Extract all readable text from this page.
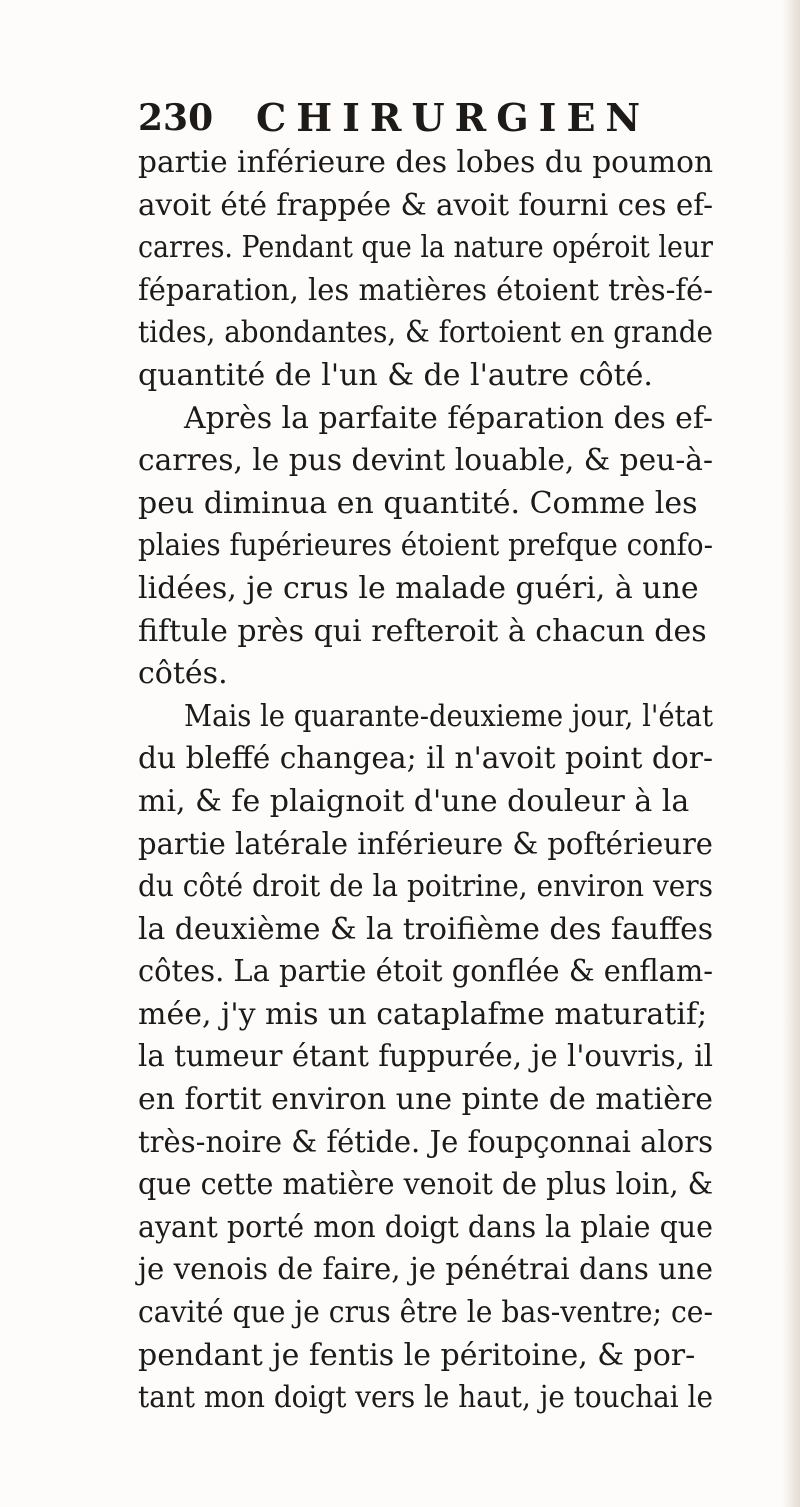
230 CHIRURGIEN
partie inférieure des lobes du poumon
avoit été frappée & avoit fourni ces ef-
carres. Pendant que la nature opéroit leur
féparation, les matières étoient très-fé-
tides, abondantes, & fortoient en grande
quantité de l'un & de l'autre côté.
Après la parfaite féparation des ef-
carres, le pus devint louable, & peu-à-
peu diminua en quantité. Comme les
plaies fupérieures étoient prefque confo-
lidées, je crus le malade guéri, à une
fiftule près qui refteroit à chacun des
côtés.
Mais le quarante-deuxieme jour, l'état
du bleffé changea; il n'avoit point dor-
mi, & fe plaignoit d'une douleur à la
partie latérale inférieure & poftérieure
du côté droit de la poitrine, environ vers
la deuxième & la troifième des fauffes
côtes. La partie étoit gonflée & enflam-
mée, j'y mis un cataplafme maturatif;
la tumeur étant fuppurée, je l'ouvris, il
en fortit environ une pinte de matière
très-noire & fétide. Je foupçonnai alors
que cette matière venoit de plus loin, &
ayant porté mon doigt dans la plaie que
je venois de faire, je pénétrai dans une
cavité que je crus être le bas-ventre; ce-
pendant je fentis le péritoine, & por-
tant mon doigt vers le haut, je touchai le
